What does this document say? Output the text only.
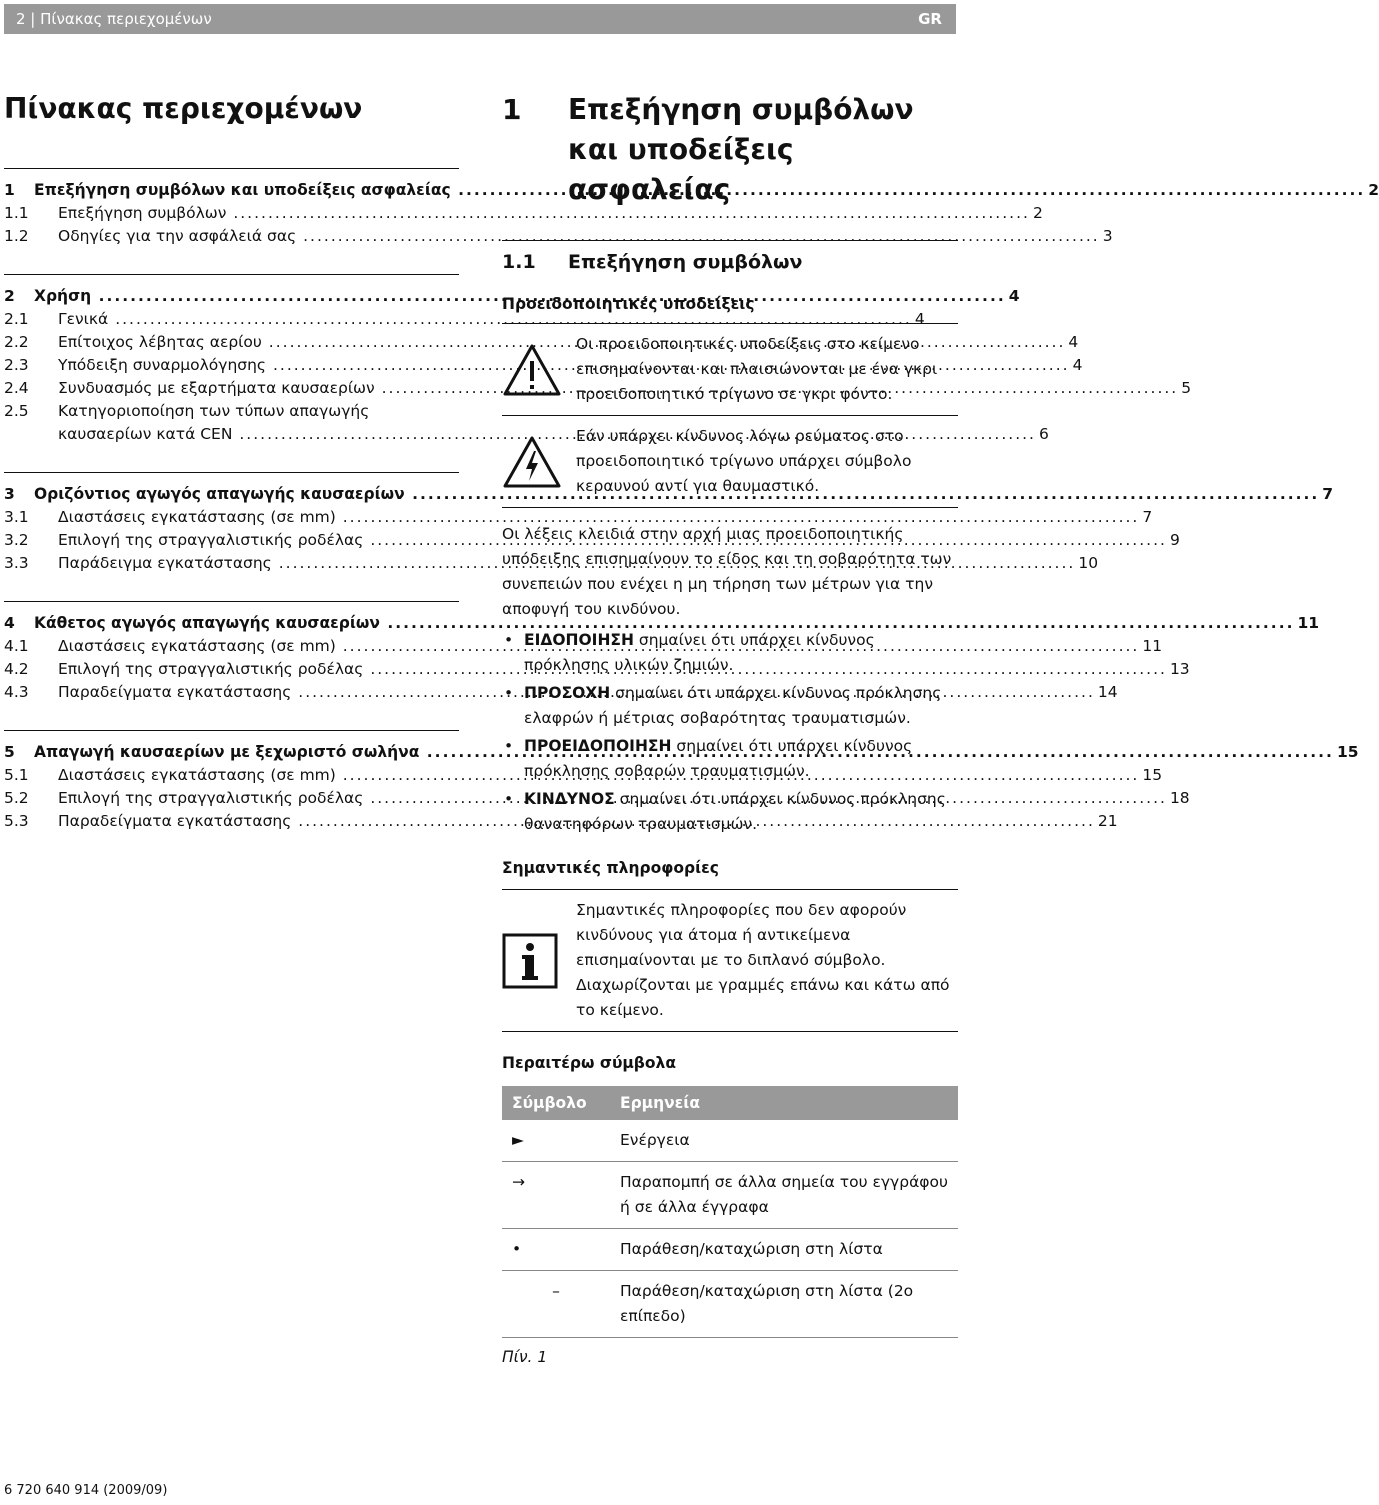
2 | Πίνακας περιεχομένων	GR
Πίνακας περιεχομένων
1	Επεξήγηση συμβόλων και υποδείξεις ασφαλείας .....	2
1.1	Επεξήγηση συμβόλων .....	2
1.2	Οδηγίες για την ασφάλειά σας .....	3
2	Χρήση .....	4
2.1	Γενικά .....	4
2.2	Επίτοιχος λέβητας αερίου .....	4
2.3	Υπόδειξη συναρμολόγησης .....	4
2.4	Συνδυασμός με εξαρτήματα καυσαερίων .....	5
2.5	Κατηγοριοποίηση των τύπων απαγωγής
καυσαερίων κατά CEN .....	6
3	Οριζόντιος αγωγός απαγωγής καυσαερίων .....	7
3.1	Διαστάσεις εγκατάστασης (σε mm) .....	7
3.2	Επιλογή της στραγγαλιστικής ροδέλας .....	9
3.3	Παράδειγμα εγκατάστασης .....	10
4	Κάθετος αγωγός απαγωγής καυσαερίων .....	11
4.1	Διαστάσεις εγκατάστασης (σε mm) .....	11
4.2	Επιλογή της στραγγαλιστικής ροδέλας .....	13
4.3	Παραδείγματα εγκατάστασης .....	14
5	Απαγωγή καυσαερίων με ξεχωριστό σωλήνα .....	15
5.1	Διαστάσεις εγκατάστασης (σε mm) .....	15
5.2	Επιλογή της στραγγαλιστικής ροδέλας .....	18
5.3	Παραδείγματα εγκατάστασης .....	21
1	Επεξήγηση συμβόλων και υποδείξεις ασφαλείας
1.1	Επεξήγηση συμβόλων
Προειδοποιητικές υποδείξεις
Οι προειδοποιητικές υποδείξεις στο κείμενο επισημαίνονται και πλαισιώνονται με ένα γκρι προειδοποιητικό τρίγωνο σε γκρι φόντο.
Εάν υπάρχει κίνδυνος λόγω ρεύματος στο προειδοποιητικό τρίγωνο υπάρχει σύμβολο κεραυνού αντί για θαυμαστικό.
Οι λέξεις κλειδιά στην αρχή μιας προειδοποιητικής υπόδειξης επισημαίνουν το είδος και τη σοβαρότητα των συνεπειών που ενέχει η μη τήρηση των μέτρων για την αποφυγή του κινδύνου.
• ΕΙΔΟΠΟΙΗΣΗ σημαίνει ότι υπάρχει κίνδυνος πρόκλησης υλικών ζημιών.
• ΠΡΟΣΟΧΗ σημαίνει ότι υπάρχει κίνδυνος πρόκλησης ελαφρών ή μέτριας σοβαρότητας τραυματισμών.
• ΠΡΟΕΙΔΟΠΟΙΗΣΗ σημαίνει ότι υπάρχει κίνδυνος πρόκλησης σοβαρών τραυματισμών.
• ΚΙΝΔΥΝΟΣ σημαίνει ότι υπάρχει κίνδυνος πρόκλησης θανατηφόρων τραυματισμών.
Σημαντικές πληροφορίες
Σημαντικές πληροφορίες που δεν αφορούν κινδύνους για άτομα ή αντικείμενα επισημαίνονται με το διπλανό σύμβολο. Διαχωρίζονται με γραμμές επάνω και κάτω από το κείμενο.
Περαιτέρω σύμβολα
Σύμβολο	Ερμηνεία
►	Ενέργεια
→	Παραπομπή σε άλλα σημεία του εγγράφου ή σε άλλα έγγραφα
•	Παράθεση/καταχώριση στη λίστα
–	Παράθεση/καταχώριση στη λίστα (2ο επίπεδο)
Πίν. 1
6 720 640 914 (2009/09)
